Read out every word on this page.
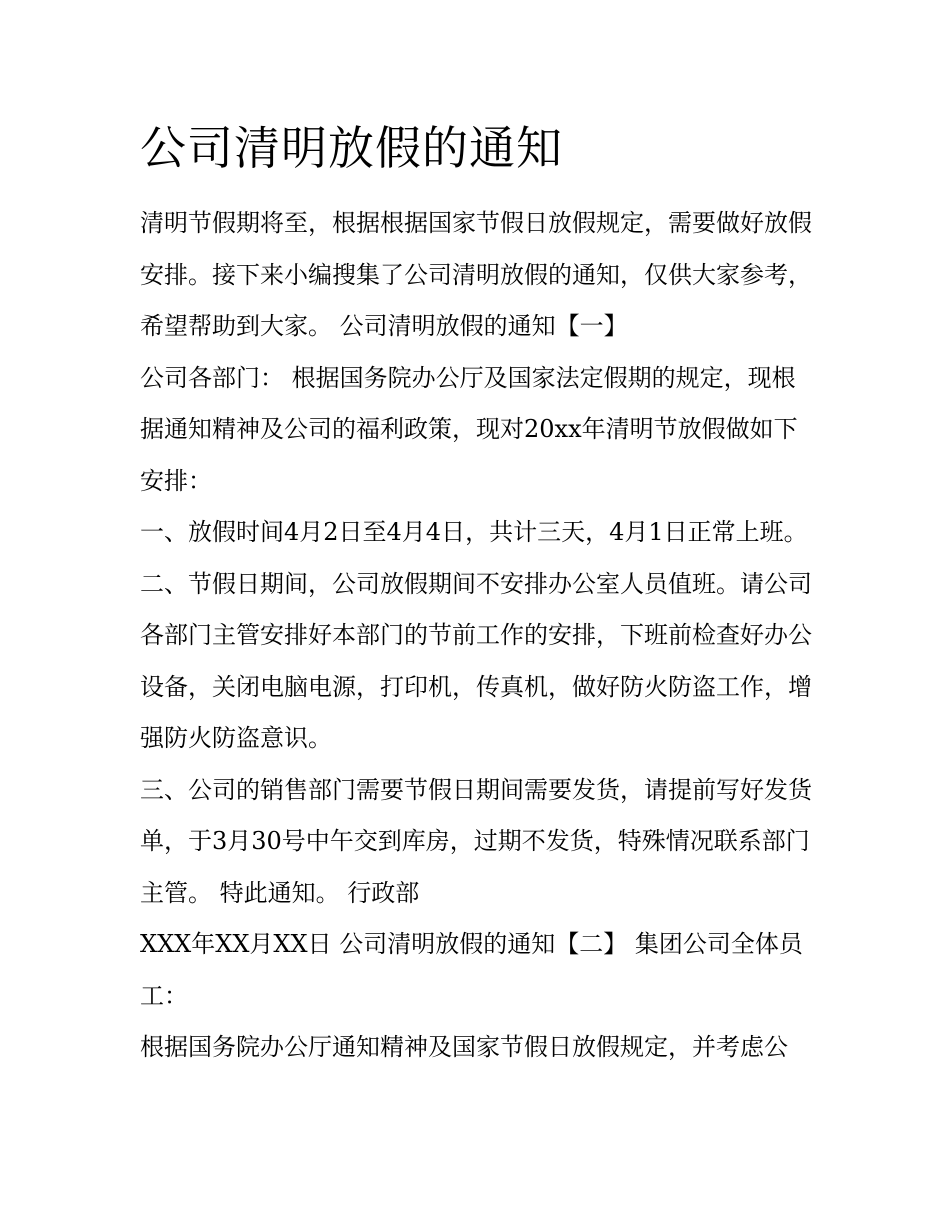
公司清明放假的通知

清明节假期将至，根据根据国家节假日放假规定，需要做好放假安排。接下来小编搜集了公司清明放假的通知，仅供大家参考，希望帮助到大家。 公司清明放假的通知【一】

公司各部门： 根据国务院办公厅及国家法定假期的规定，现根据通知精神及公司的福利政策，现对20xx年清明节放假做如下安排：

一、放假时间4月2日至4月4日，共计三天，4月1日正常上班。

二、节假日期间，公司放假期间不安排办公室人员值班。请公司各部门主管安排好本部门的节前工作的安排，下班前检查好办公设备，关闭电脑电源，打印机，传真机，做好防火防盗工作，增强防火防盗意识。

三、公司的销售部门需要节假日期间需要发货，请提前写好发货单，于3月30号中午交到库房，过期不发货，特殊情况联系部门主管。 特此通知。 行政部

XXX年XX月XX日 公司清明放假的通知【二】 集团公司全体员工：

根据国务院办公厅通知精神及国家节假日放假规定，并考虑公
